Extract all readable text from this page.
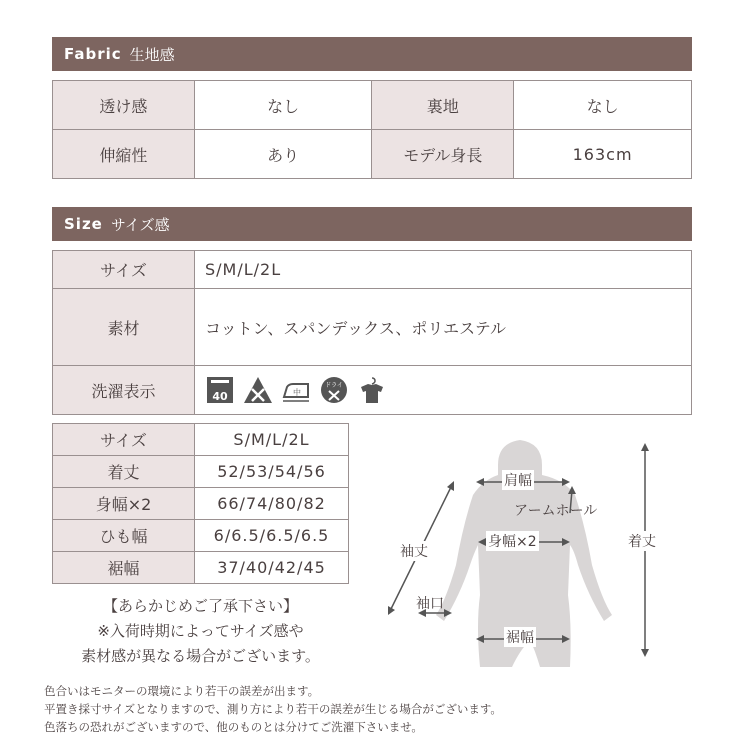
Fabric 生地感
透け感	なし	裏地	なし
伸縮性	あり	モデル身長	163cm
Size サイズ感
サイズ	S/M/L/2L
素材	コットン、スパンデックス、ポリエステル
洗濯表示	40 中
ドライ
サイズ	S/M/L/2L
着丈	52/53/54/56
身幅×2	66/74/80/82
ひも幅	6/6.5/6.5/6.5
裾幅	37/40/42/45
【あらかじめご了承下さい】
※入荷時期によってサイズ感や
素材感が異なる場合がございます。
肩幅
アームホール
身幅×2	着丈
袖丈
袖口
裾幅
色合いはモニターの環境により若干の誤差が出ます。
平置き採寸サイズとなりますので、測り方により若干の誤差が生じる場合がございます。
色落ちの恐れがございますので、他のものとは分けてご洗濯下さいませ。
